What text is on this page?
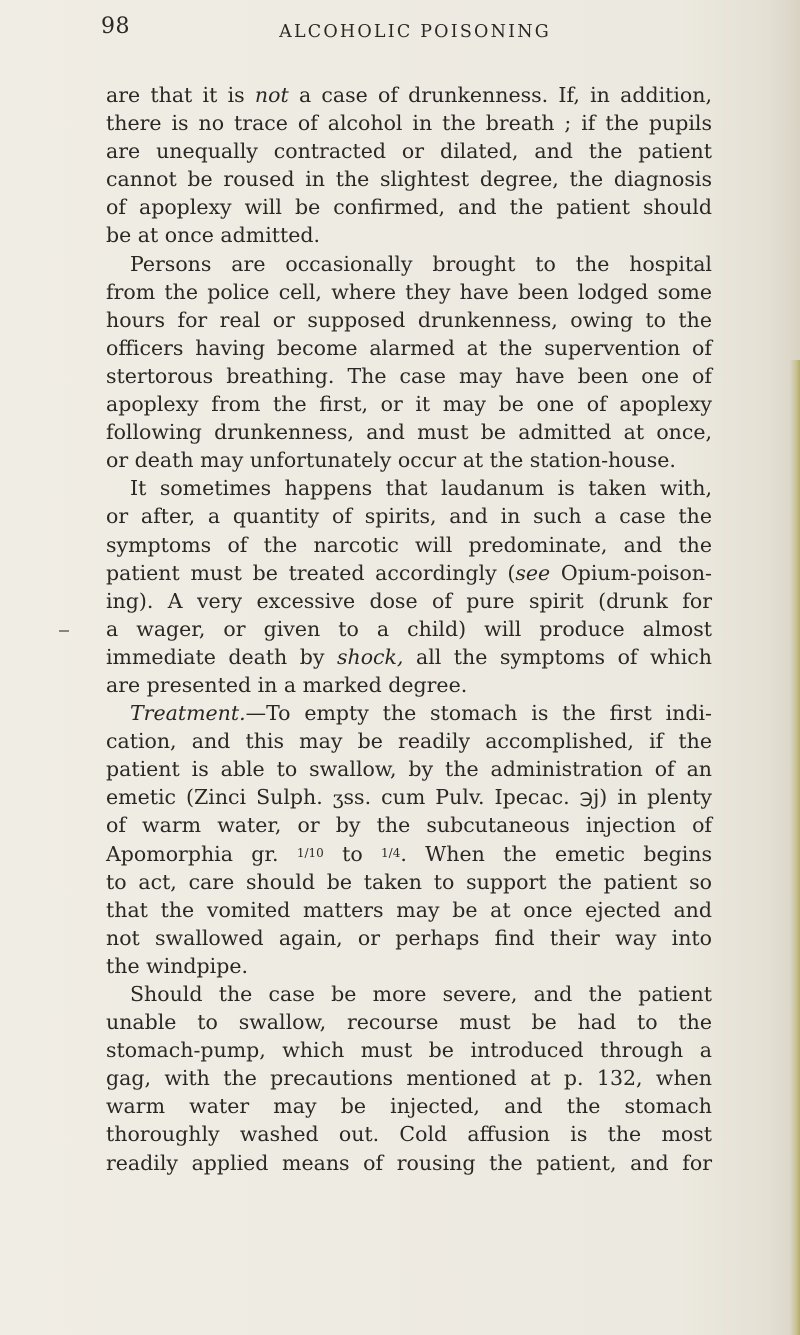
98	ALCOHOLIC POISONING
are that it is not a case of drunkenness. If, in addition,
there is no trace of alcohol in the breath ; if the pupils
are unequally contracted or dilated, and the patient
cannot be roused in the slightest degree, the diagnosis
of apoplexy will be confirmed, and the patient should
be at once admitted.
Persons are occasionally brought to the hospital
from the police cell, where they have been lodged some
hours for real or supposed drunkenness, owing to the
officers having become alarmed at the supervention of
stertorous breathing. The case may have been one of
apoplexy from the first, or it may be one of apoplexy
following drunkenness, and must be admitted at once,
or death may unfortunately occur at the station-house.
It sometimes happens that laudanum is taken with,
or after, a quantity of spirits, and in such a case the
symptoms of the narcotic will predominate, and the
patient must be treated accordingly (see Opium-poison-
ing). A very excessive dose of pure spirit (drunk for
a wager, or given to a child) will produce almost
immediate death by shock, all the symptoms of which
are presented in a marked degree.
Treatment.—To empty the stomach is the first indi-
cation, and this may be readily accomplished, if the
patient is able to swallow, by the administration of an
emetic (Zinci Sulph. ʒss. cum Pulv. Ipecac. ℈j) in plenty
of warm water, or by the subcutaneous injection of
Apomorphia gr. 1/10 to 1/4. When the emetic begins
to act, care should be taken to support the patient so
that the vomited matters may be at once ejected and
not swallowed again, or perhaps find their way into
the windpipe.
Should the case be more severe, and the patient
unable to swallow, recourse must be had to the
stomach-pump, which must be introduced through a
gag, with the precautions mentioned at p. 132, when
warm water may be injected, and the stomach
thoroughly washed out. Cold affusion is the most
readily applied means of rousing the patient, and for
